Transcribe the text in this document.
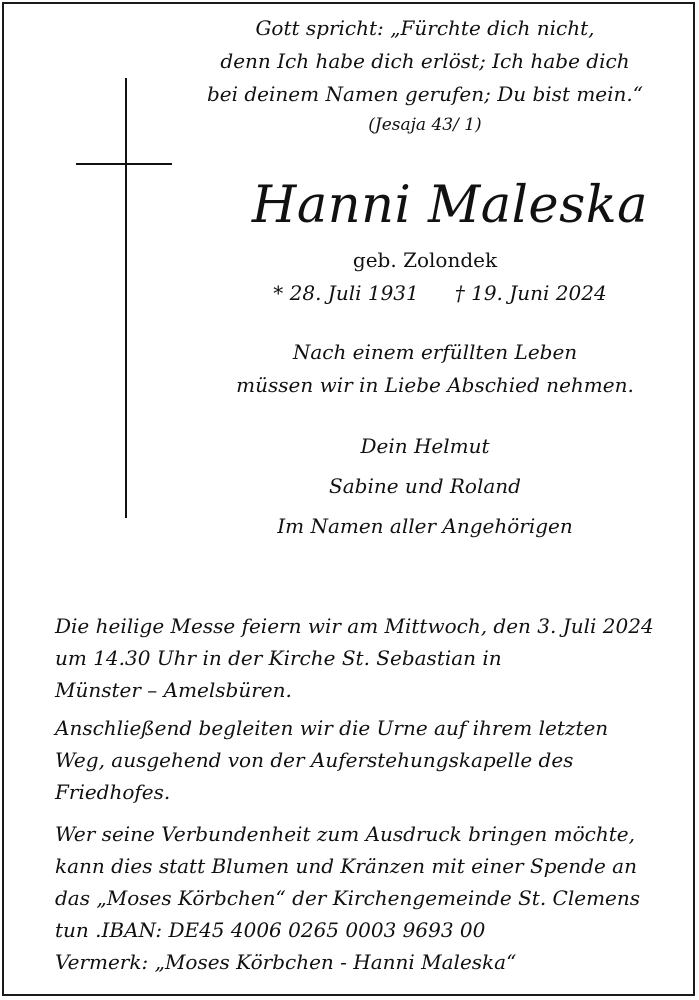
Gott spricht: „Fürchte dich nicht,
denn Ich habe dich erlöst; Ich habe dich
bei deinem Namen gerufen; Du bist mein.“
(Jesaja 43/ 1)
Hanni Maleska
geb. Zolondek
* 28. Juli 1931 † 19. Juni 2024
Nach einem erfüllten Leben
müssen wir in Liebe Abschied nehmen.
Dein Helmut
Sabine und Roland
Im Namen aller Angehörigen
Die heilige Messe feiern wir am Mittwoch, den 3. Juli 2024
um 14.30 Uhr in der Kirche St. Sebastian in
Münster – Amelsbüren.
Anschließend begleiten wir die Urne auf ihrem letzten
Weg, ausgehend von der Auferstehungskapelle des
Friedhofes.
Wer seine Verbundenheit zum Ausdruck bringen möchte,
kann dies statt Blumen und Kränzen mit einer Spende an
das „Moses Körbchen“ der Kirchengemeinde St. Clemens
tun .IBAN: DE45 4006 0265 0003 9693 00
Vermerk: „Moses Körbchen - Hanni Maleska“
